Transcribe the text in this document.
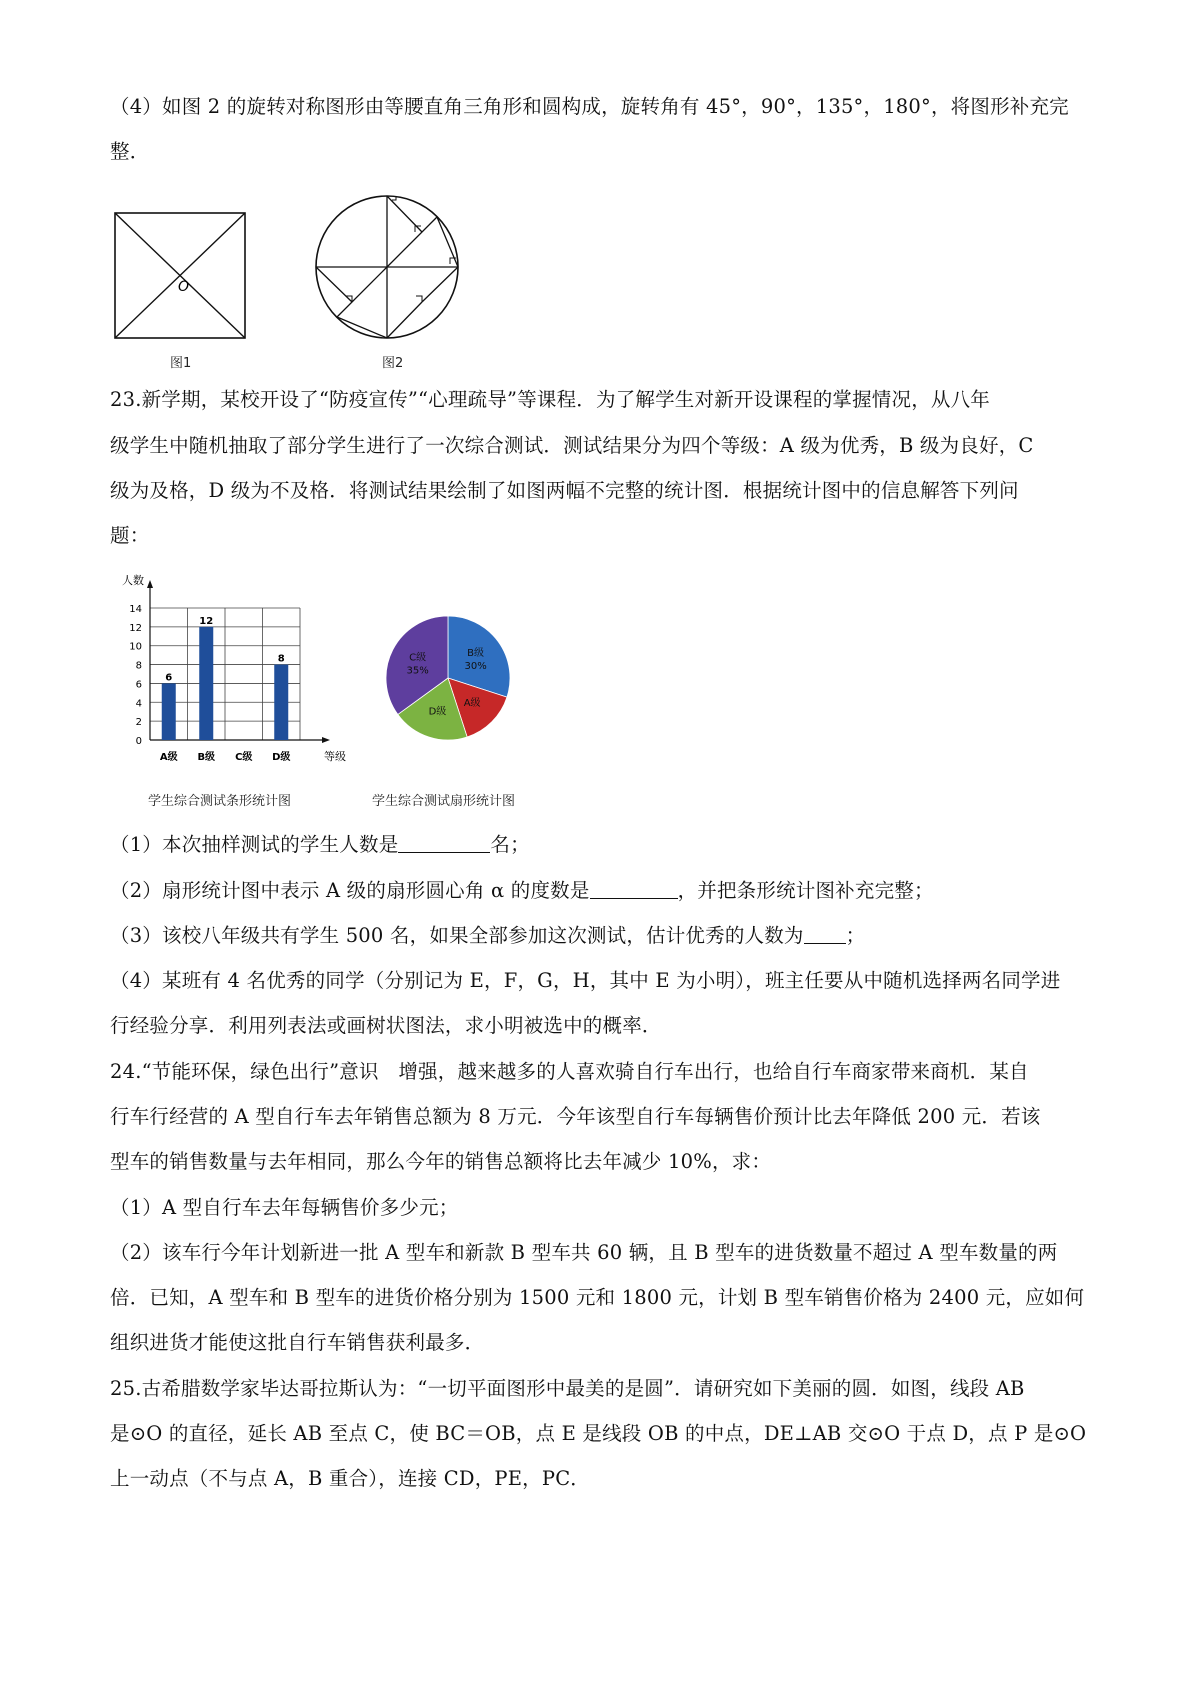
（4）如图 2 的旋转对称图形由等腰直角三角形和圆构成，旋转角有 45°，90°，135°，180°，将图形补充完
整．
O
图1	图2
23.新学期，某校开设了“防疫宣传”“心理疏导”等课程．为了解学生对新开设课程的掌握情况，从八年
级学生中随机抽取了部分学生进行了一次综合测试．测试结果分为四个等级：A 级为优秀，B 级为良好，C
级为及格，D 级为不及格．将测试结果绘制了如图两幅不完整的统计图．根据统计图中的信息解答下列问
题：
0
2
4
6
8
10
12
14
人数
等级
A级
6
B级
12
C级 D级
8
学生综合测试条形统计图
B级
30%
A级
D级
C级
35%
学生综合测试扇形统计图
（1）本次抽样测试的学生人数是	名；
（2）扇形统计图中表示 A 级的扇形圆心角 α 的度数是	，并把条形统计图补充完整；
（3）该校八年级共有学生 500 名，如果全部参加这次测试，估计优秀的人数为 ；
（4）某班有 4 名优秀的同学（分别记为 E，F，G，H，其中 E 为小明），班主任要从中随机选择两名同学进
行经验分享．利用列表法或画树状图法，求小明被选中的概率．
24.“节能环保，绿色出行”意识　增强，越来越多的人喜欢骑自行车出行，也给自行车商家带来商机．某自
行车行经营的 A 型自行车去年销售总额为 8 万元．今年该型自行车每辆售价预计比去年降低 200 元．若该
型车的销售数量与去年相同，那么今年的销售总额将比去年减少 10%，求：
（1）A 型自行车去年每辆售价多少元；
（2）该车行今年计划新进一批 A 型车和新款 B 型车共 60 辆，且 B 型车的进货数量不超过 A 型车数量的两
倍．已知，A 型车和 B 型车的进货价格分别为 1500 元和 1800 元，计划 B 型车销售价格为 2400 元，应如何
组织进货才能使这批自行车销售获利最多．
25.古希腊数学家毕达哥拉斯认为：“一切平面图形中最美的是圆”．请研究如下美丽的圆．如图，线段 AB
是⊙O 的直径，延长 AB 至点 C，使 BC＝OB，点 E 是线段 OB 的中点，DE⊥AB 交⊙O 于点 D，点 P 是⊙O
上一动点（不与点 A，B 重合），连接 CD，PE，PC．
